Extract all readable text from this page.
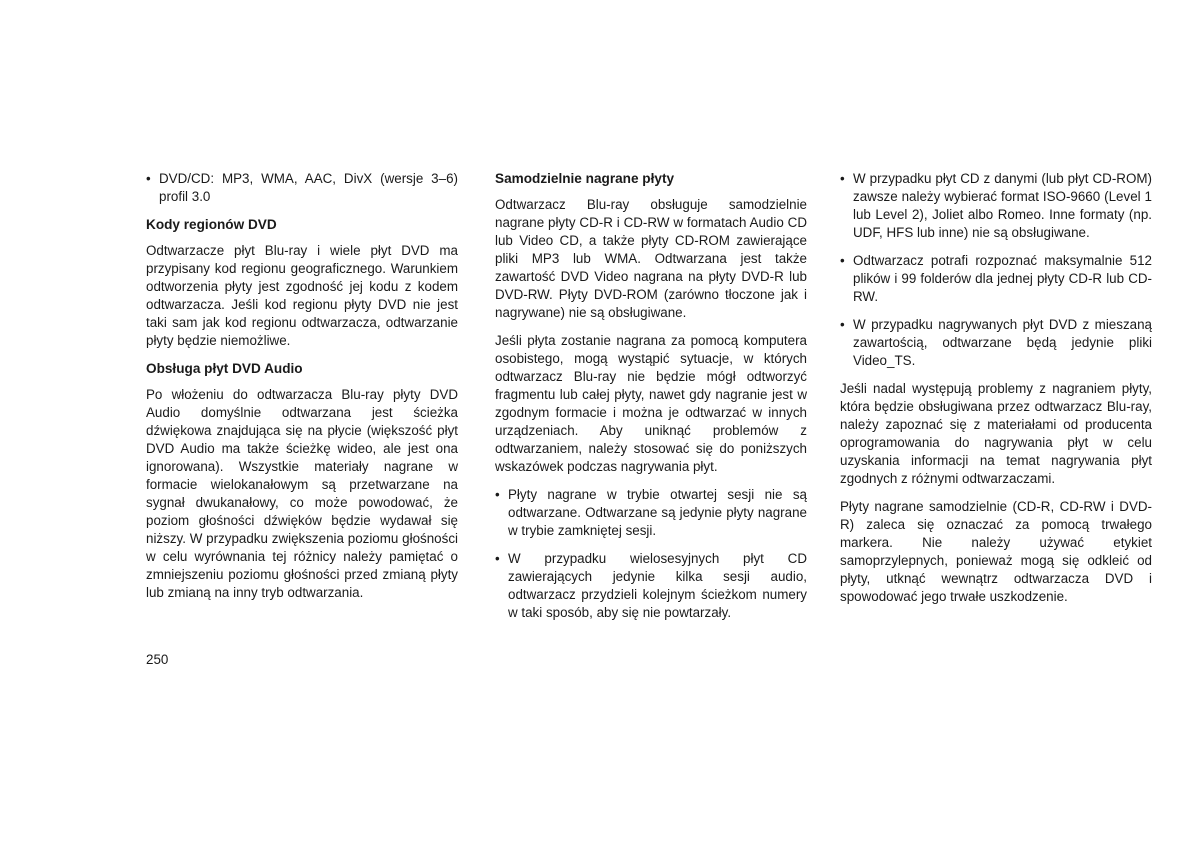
• DVD/CD: MP3, WMA, AAC, DivX (wersje 3–6) profil 3.0
Kody regionów DVD

Odtwarzacze płyt Blu-ray i wiele płyt DVD ma przypisany kod regionu geograficznego. Warunkiem odtworzenia płyty jest zgodność jej kodu z kodem odtwarzacza. Jeśli kod regionu płyty DVD nie jest taki sam jak kod regionu odtwarzacza, odtwarzanie płyty będzie niemożliwe.

Obsługa płyt DVD Audio

Po włożeniu do odtwarzacza Blu-ray płyty DVD Audio domyślnie odtwarzana jest ścieżka dźwiękowa znajdująca się na płycie (większość płyt DVD Audio ma także ścieżkę wideo, ale jest ona ignorowana). Wszystkie materiały nagrane w formacie wielokanałowym są przetwarzane na sygnał dwukanałowy, co może powodować, że poziom głośności dźwięków będzie wydawał się niższy. W przypadku zwiększenia poziomu głośności w celu wyrównania tej różnicy należy pamiętać o zmniejszeniu poziomu głośności przed zmianą płyty lub zmianą na inny tryb odtwarzania.

Samodzielnie nagrane płyty

Odtwarzacz Blu-ray obsługuje samodzielnie nagrane płyty CD-R i CD-RW w formatach Audio CD lub Video CD, a także płyty CD-ROM zawierające pliki MP3 lub WMA. Odtwarzana jest także zawartość DVD Video nagrana na płyty DVD-R lub DVD-RW. Płyty DVD-ROM (zarówno tłoczone jak i nagrywane) nie są obsługiwane.

Jeśli płyta zostanie nagrana za pomocą komputera osobistego, mogą wystąpić sytuacje, w których odtwarzacz Blu-ray nie będzie mógł odtworzyć fragmentu lub całej płyty, nawet gdy nagranie jest w zgodnym formacie i można je odtwarzać w innych urządzeniach. Aby uniknąć problemów z odtwarzaniem, należy stosować się do poniższych wskazówek podczas nagrywania płyt.

• Płyty nagrane w trybie otwartej sesji nie są odtwarzane. Odtwarzane są jedynie płyty nagrane w trybie zamkniętej sesji.
• W przypadku wielosesyjnych płyt CD zawierających jedynie kilka sesji audio, odtwarzacz przydzieli kolejnym ścieżkom numery w taki sposób, aby się nie powtarzały.
• W przypadku płyt CD z danymi (lub płyt CD-ROM) zawsze należy wybierać format ISO-9660 (Level 1 lub Level 2), Joliet albo Romeo. Inne formaty (np. UDF, HFS lub inne) nie są obsługiwane.
• Odtwarzacz potrafi rozpoznać maksymalnie 512 plików i 99 folderów dla jednej płyty CD-R lub CD-RW.
• W przypadku nagrywanych płyt DVD z mieszaną zawartością, odtwarzane będą jedynie pliki Video_TS.

Jeśli nadal występują problemy z nagraniem płyty, która będzie obsługiwana przez odtwarzacz Blu-ray, należy zapoznać się z materiałami od producenta oprogramowania do nagrywania płyt w celu uzyskania informacji na temat nagrywania płyt zgodnych z różnymi odtwarzaczami.

Płyty nagrane samodzielnie (CD-R, CD-RW i DVD-R) zaleca się oznaczać za pomocą trwałego markera. Nie należy używać etykiet samoprzylepnych, ponieważ mogą się odkleić od płyty, utknąć wewnątrz odtwarzacza DVD i spowodować jego trwałe uszkodzenie.

250
